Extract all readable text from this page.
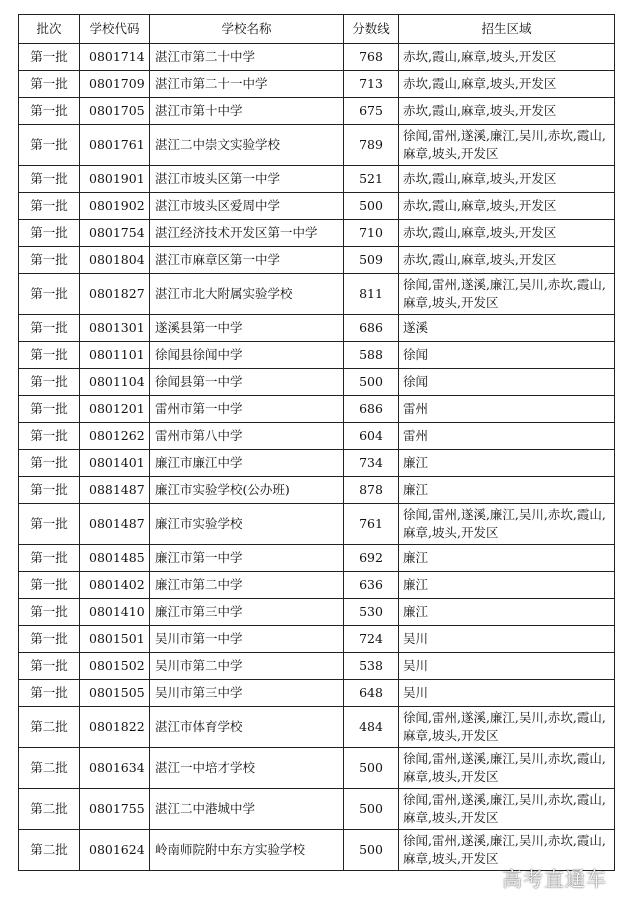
批次	学校代码	学校名称	分数线	招生区域
第一批	0801714	湛江市第二十中学	768	赤坎,霞山,麻章,坡头,开发区
第一批	0801709	湛江市第二十一中学	713	赤坎,霞山,麻章,坡头,开发区
第一批	0801705	湛江市第十中学	675	赤坎,霞山,麻章,坡头,开发区
第一批	0801761	湛江二中崇文实验学校	789	徐闻,雷州,遂溪,廉江,吴川,赤坎,霞山,麻章,坡头,开发区
第一批	0801901	湛江市坡头区第一中学	521	赤坎,霞山,麻章,坡头,开发区
第一批	0801902	湛江市坡头区爱周中学	500	赤坎,霞山,麻章,坡头,开发区
第一批	0801754	湛江经济技术开发区第一中学	710	赤坎,霞山,麻章,坡头,开发区
第一批	0801804	湛江市麻章区第一中学	509	赤坎,霞山,麻章,坡头,开发区
第一批	0801827	湛江市北大附属实验学校	811	徐闻,雷州,遂溪,廉江,吴川,赤坎,霞山,麻章,坡头,开发区
第一批	0801301	遂溪县第一中学	686	遂溪
第一批	0801101	徐闻县徐闻中学	588	徐闻
第一批	0801104	徐闻县第一中学	500	徐闻
第一批	0801201	雷州市第一中学	686	雷州
第一批	0801262	雷州市第八中学	604	雷州
第一批	0801401	廉江市廉江中学	734	廉江
第一批	0881487	廉江市实验学校(公办班)	878	廉江
第一批	0801487	廉江市实验学校	761	徐闻,雷州,遂溪,廉江,吴川,赤坎,霞山,麻章,坡头,开发区
第一批	0801485	廉江市第一中学	692	廉江
第一批	0801402	廉江市第二中学	636	廉江
第一批	0801410	廉江市第三中学	530	廉江
第一批	0801501	吴川市第一中学	724	吴川
第一批	0801502	吴川市第二中学	538	吴川
第一批	0801505	吴川市第三中学	648	吴川
第二批	0801822	湛江市体育学校	484	徐闻,雷州,遂溪,廉江,吴川,赤坎,霞山,麻章,坡头,开发区
第二批	0801634	湛江一中培才学校	500	徐闻,雷州,遂溪,廉江,吴川,赤坎,霞山,麻章,坡头,开发区
第二批	0801755	湛江二中港城中学	500	徐闻,雷州,遂溪,廉江,吴川,赤坎,霞山,麻章,坡头,开发区
第二批	0801624	岭南师院附中东方实验学校	500	徐闻,雷州,遂溪,廉江,吴川,赤坎,霞山,麻章,坡头,开发区
高考直通车
